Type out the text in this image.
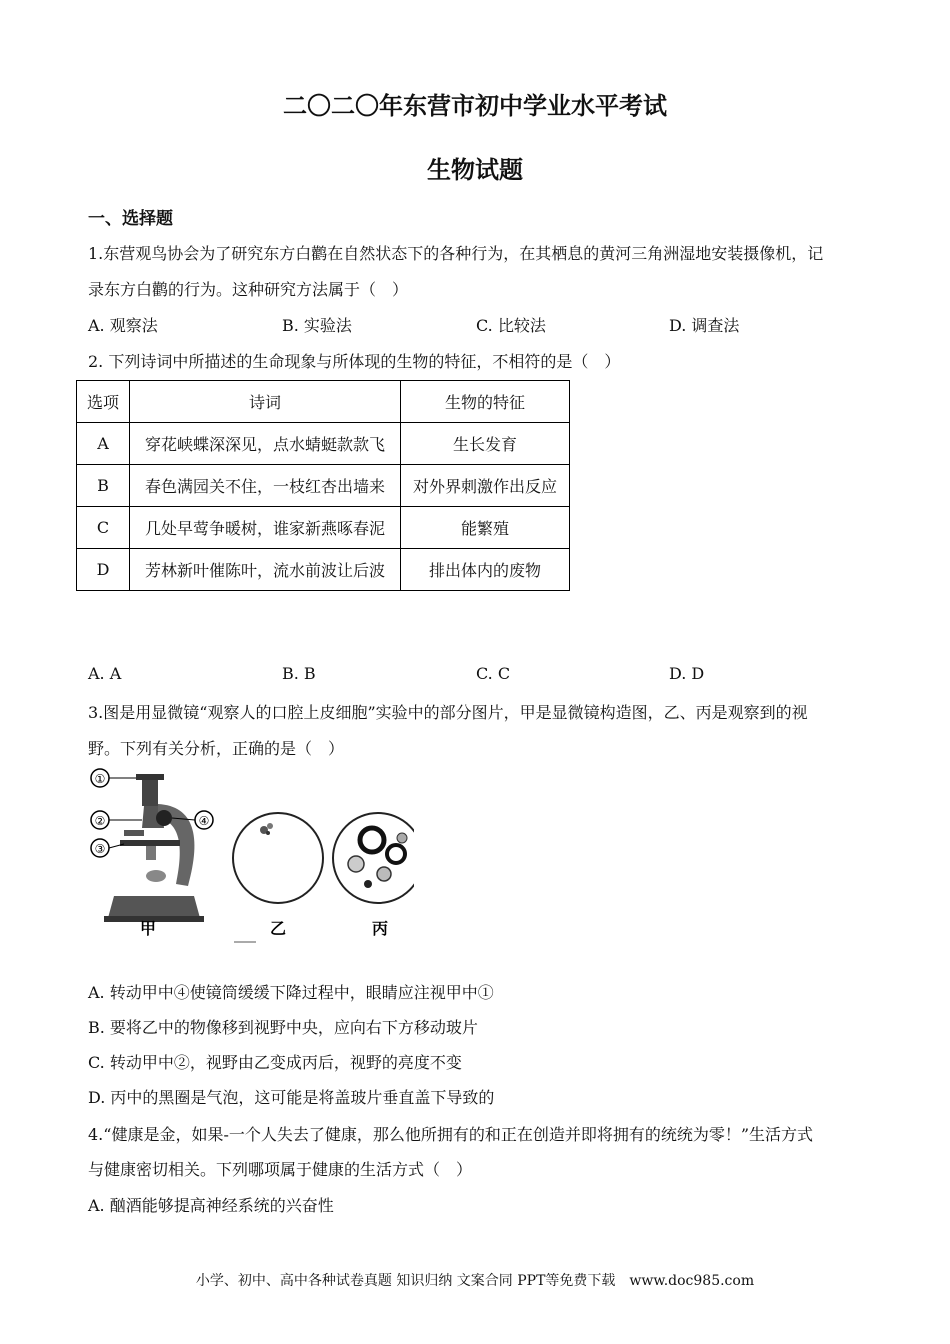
二〇二〇年东营市初中学业水平考试
生物试题
一、选择题
1.东营观鸟协会为了研究东方白鹳在自然状态下的各种行为，在其栖息的黄河三角洲湿地安装摄像机，记
录东方白鹳的行为。这种研究方法属于（　）
A. 观察法	B. 实验法	C. 比较法	D. 调查法
2. 下列诗词中所描述的生命现象与所体现的生物的特征，不相符的是（　）
选项	诗词	生物的特征
A	穿花峡蝶深深见，点水蜻蜓款款飞	生长发育
B	春色满园关不住，一枝红杏出墙来	对外界刺激作出反应
C	几处早莺争暖树，谁家新燕啄春泥	能繁殖
D	芳林新叶催陈叶，流水前波让后波	排出体内的废物
A. A	B. B	C. C	D. D
3.图是用显微镜“观察人的口腔上皮细胞”实验中的部分图片，甲是显微镜构造图，乙、丙是观察到的视
野。下列有关分析，正确的是（　）
①
②
③
④
甲	乙	丙
A. 转动甲中④使镜筒缓缓下降过程中，眼睛应注视甲中①
B. 要将乙中的物像移到视野中央，应向右下方移动玻片
C. 转动甲中②，视野由乙变成丙后，视野的亮度不变
D. 丙中的黑圈是气泡，这可能是将盖玻片垂直盖下导致的
4.“健康是金，如果-一个人失去了健康，那么他所拥有的和正在创造并即将拥有的统统为零！”生活方式
与健康密切相关。下列哪项属于健康的生活方式（　）
A. 酗酒能够提高神经系统的兴奋性
小学、初中、高中各种试卷真题 知识归纳 文案合同 PPT等免费下载　www.doc985.com
